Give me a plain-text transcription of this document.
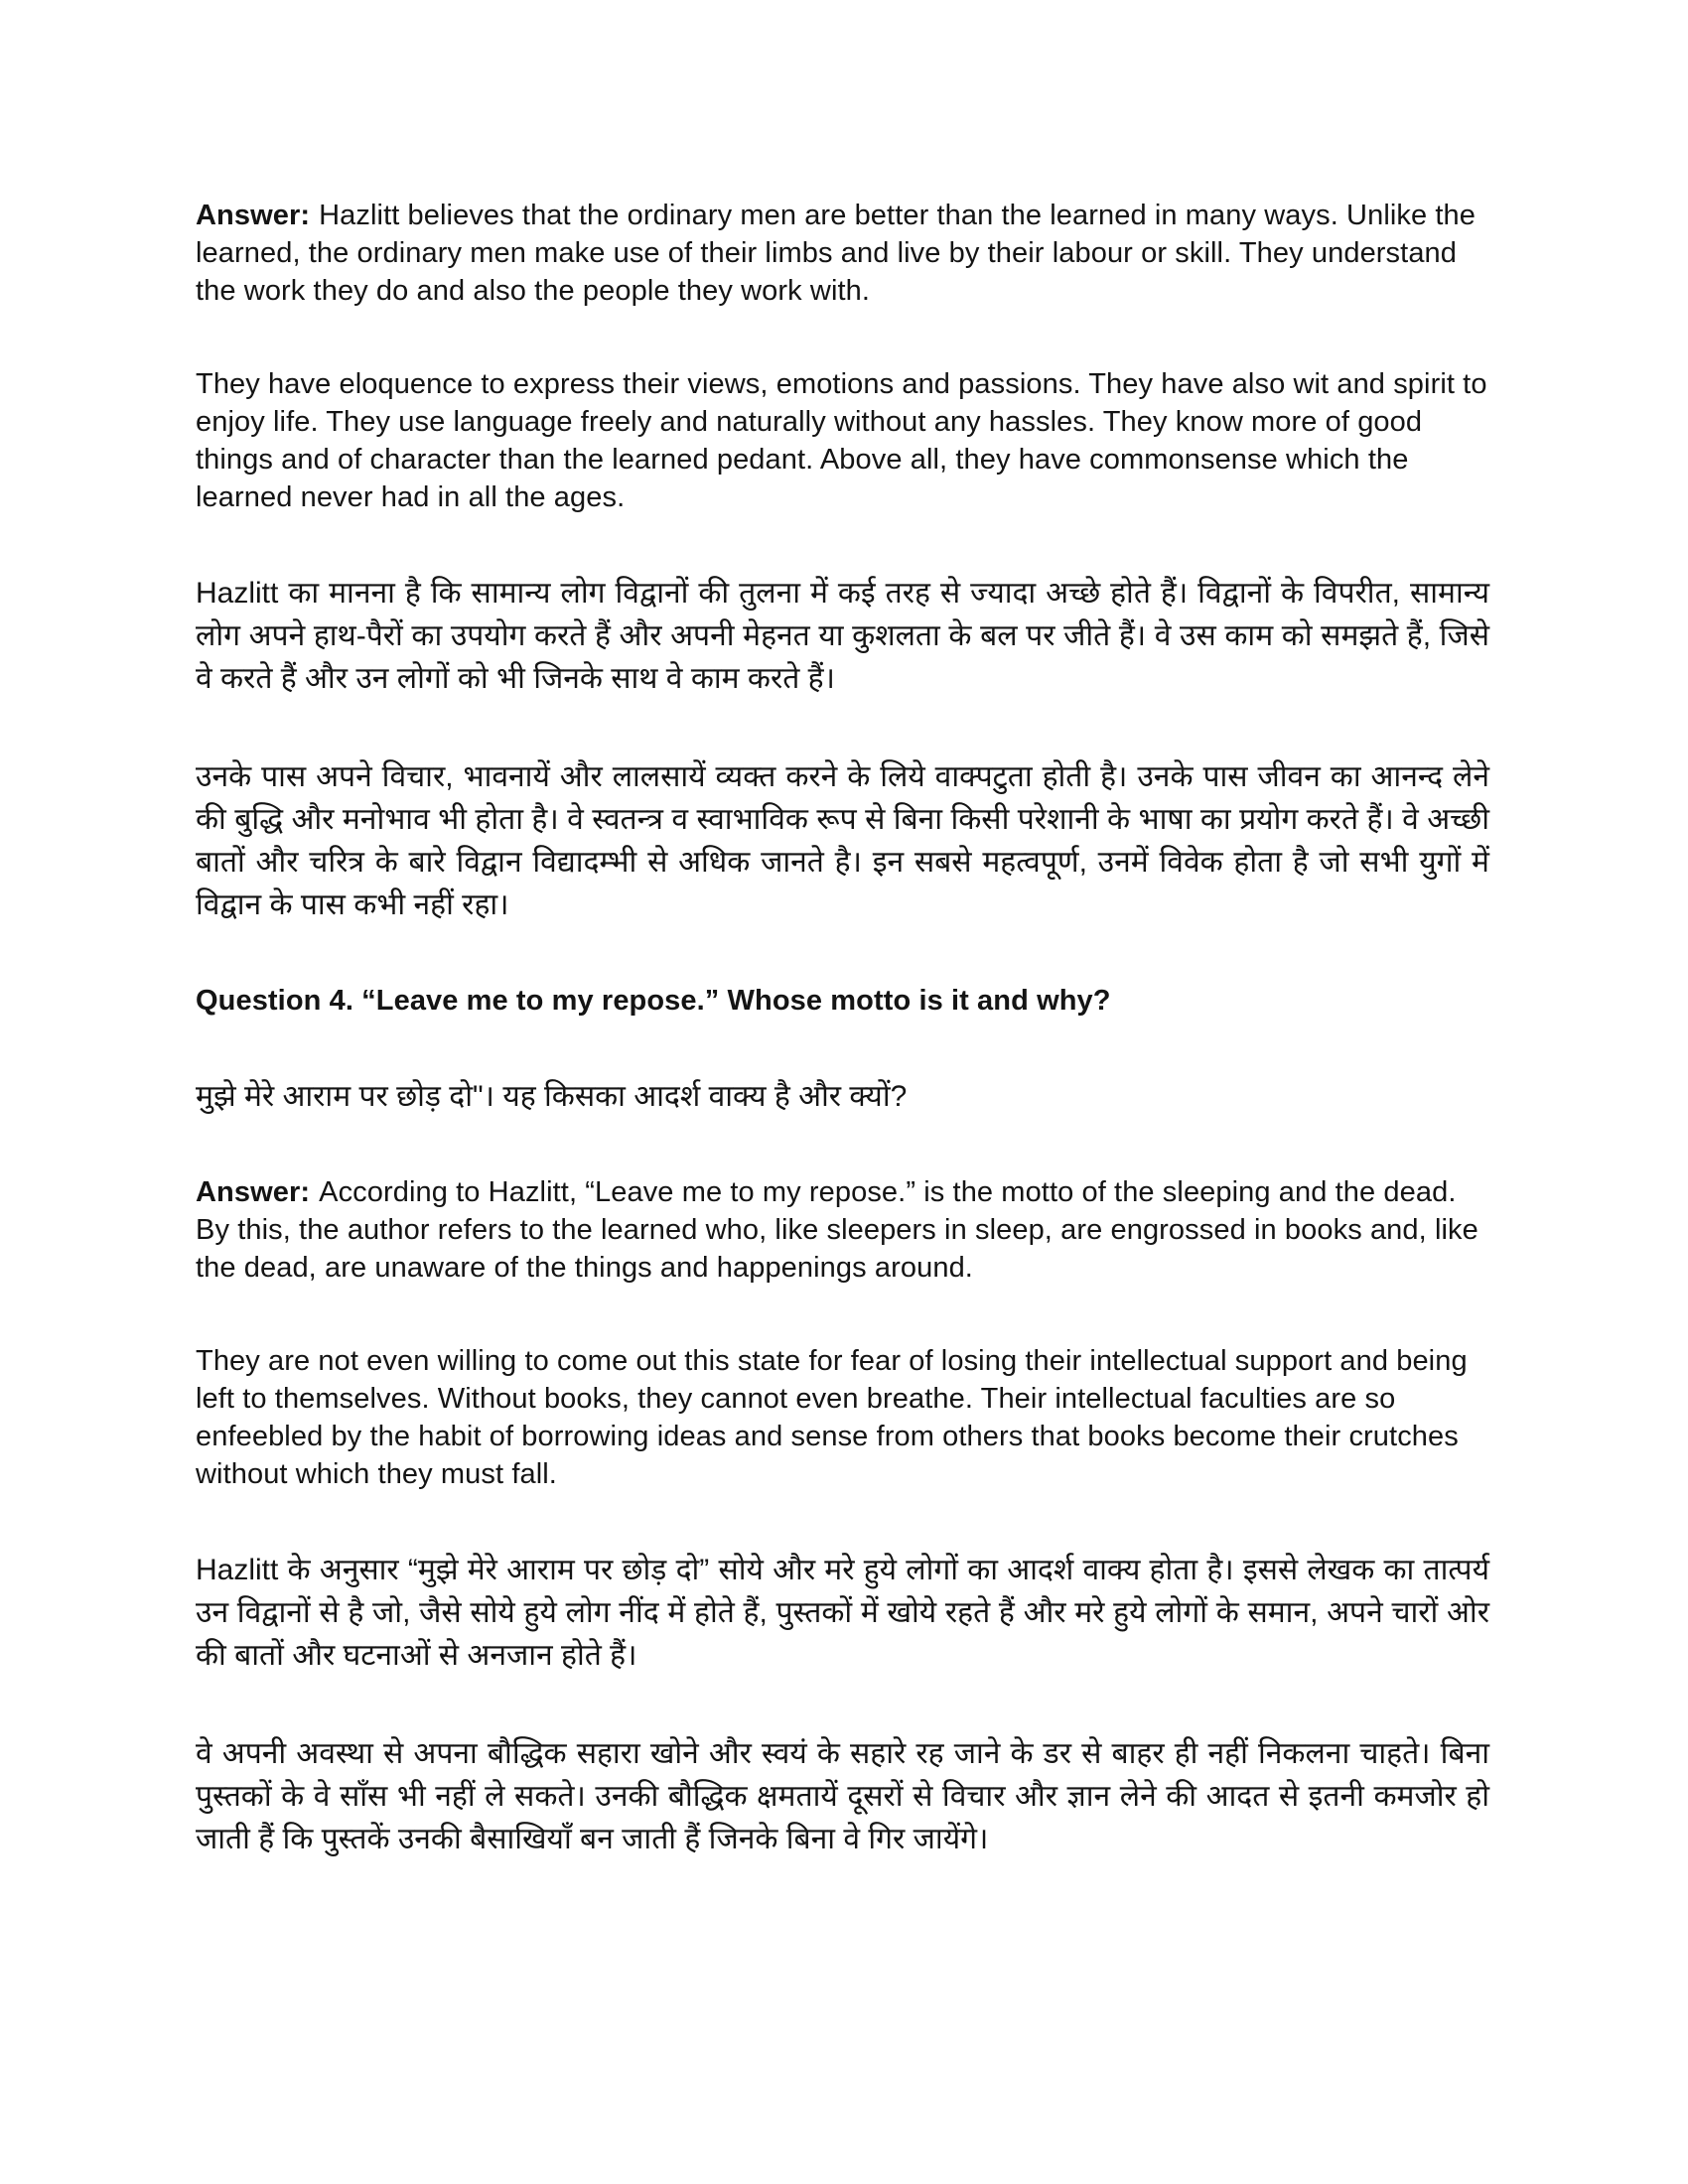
Answer: Hazlitt believes that the ordinary men are better than the learned in many ways. Unlike the learned, the ordinary men make use of their limbs and live by their labour or skill. They understand the work they do and also the people they work with.

They have eloquence to express their views, emotions and passions. They have also wit and spirit to enjoy life. They use language freely and naturally without any hassles. They know more of good things and of character than the learned pedant. Above all, they have commonsense which the learned never had in all the ages.

Hazlitt का मानना है कि सामान्य लोग विद्वानों की तुलना में कई तरह से ज्यादा अच्छे होते हैं। विद्वानों के विपरीत, सामान्य लोग अपने हाथ-पैरों का उपयोग करते हैं और अपनी मेहनत या कुशलता के बल पर जीते हैं। वे उस काम को समझते हैं, जिसे वे करते हैं और उन लोगों को भी जिनके साथ वे काम करते हैं।

उनके पास अपने विचार, भावनायें और लालसायें व्यक्त करने के लिये वाक्पटुता होती है। उनके पास जीवन का आनन्द लेने की बुद्धि और मनोभाव भी होता है। वे स्वतन्त्र व स्वाभाविक रूप से बिना किसी परेशानी के भाषा का प्रयोग करते हैं। वे अच्छी बातों और चरित्र के बारे विद्वान विद्यादम्भी से अधिक जानते है। इन सबसे महत्वपूर्ण, उनमें विवेक होता है जो सभी युगों में विद्वान के पास कभी नहीं रहा।

Question 4. “Leave me to my repose.” Whose motto is it and why?

मुझे मेरे आराम पर छोड़ दो"। यह किसका आदर्श वाक्य है और क्यों?

Answer: According to Hazlitt, “Leave me to my repose.” is the motto of the sleeping and the dead. By this, the author refers to the learned who, like sleepers in sleep, are engrossed in books and, like the dead, are unaware of the things and happenings around.

They are not even willing to come out this state for fear of losing their intellectual support and being left to themselves. Without books, they cannot even breathe. Their intellectual faculties are so enfeebled by the habit of borrowing ideas and sense from others that books become their crutches without which they must fall.

Hazlitt के अनुसार “मुझे मेरे आराम पर छोड़ दो” सोये और मरे हुये लोगों का आदर्श वाक्य होता है। इससे लेखक का तात्पर्य उन विद्वानों से है जो, जैसे सोये हुये लोग नींद में होते हैं, पुस्तकों में खोये रहते हैं और मरे हुये लोगों के समान, अपने चारों ओर की बातों और घटनाओं से अनजान होते हैं।

वे अपनी अवस्था से अपना बौद्धिक सहारा खोने और स्वयं के सहारे रह जाने के डर से बाहर ही नहीं निकलना चाहते। बिना पुस्तकों के वे साँस भी नहीं ले सकते। उनकी बौद्धिक क्षमतायें दूसरों से विचार और ज्ञान लेने की आदत से इतनी कमजोर हो जाती हैं कि पुस्तकें उनकी बैसाखियाँ बन जाती हैं जिनके बिना वे गिर जायेंगे।
